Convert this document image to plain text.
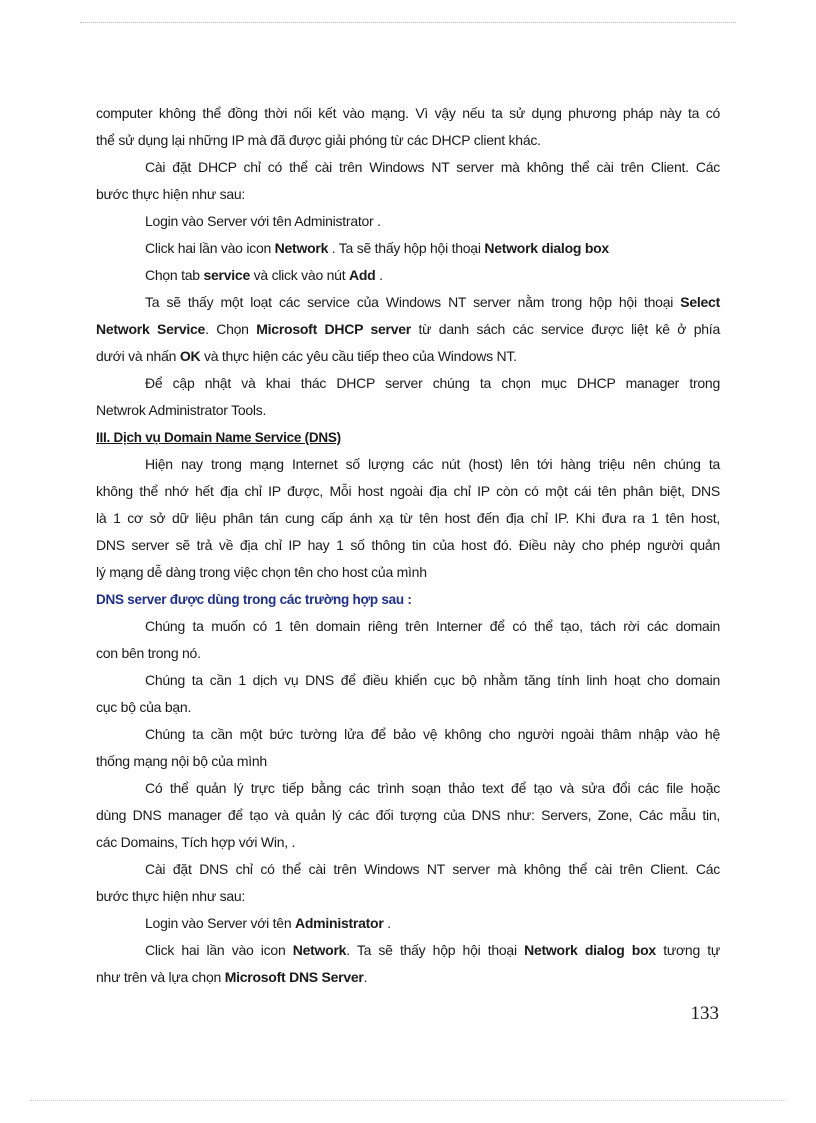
computer không thể đồng thời nối kết vào mạng. Vì vậy nếu ta sử dụng phương pháp này ta có
thể sử dụng lại những IP mà đã được giải phóng từ các DHCP client khác.
Cài đặt DHCP chỉ có thể cài trên Windows NT server mà không thể cài trên Client. Các
bước thực hiện như sau:
Login vào Server với tên Administrator .
Click hai lần vào icon Network . Ta sẽ thấy hộp hội thoại Network dialog box
Chọn tab service và click vào nút Add .
Ta sẽ thấy một loạt các service của Windows NT server nằm trong hộp hội thoại Select
Network Service. Chọn Microsoft DHCP server từ danh sách các service được liệt kê ở phía
dưới và nhấn OK và thực hiện các yêu cầu tiếp theo của Windows NT.
Để cập nhật và khai thác DHCP server chúng ta chọn mục DHCP manager trong
Netwrok Administrator Tools.
III. Dịch vụ Domain Name Service (DNS)
Hiện nay trong mạng Internet số lượng các nút (host) lên tới hàng triệu nên chúng ta
không thể nhớ hết địa chỉ IP được, Mỗi host ngoài địa chỉ IP còn có một cái tên phân biệt, DNS
là 1 cơ sở dữ liệu phân tán cung cấp ánh xạ từ tên host đến địa chỉ IP. Khi đưa ra 1 tên host,
DNS server sẽ trả về địa chỉ IP hay 1 số thông tin của host đó. Điều này cho phép người quản
lý mạng dễ dàng trong việc chọn tên cho host của mình
DNS server được dùng trong các trường hợp sau :
Chúng ta muốn có 1 tên domain riêng trên Interner để có thể tạo, tách rời các domain
con bên trong nó.
Chúng ta cần 1 dịch vụ DNS để điều khiển cục bộ nhằm tăng tính linh hoạt cho domain
cục bộ của bạn.
Chúng ta cần một bức tường lửa để bảo vệ không cho người ngoài thâm nhập vào hệ
thống mạng nội bộ của mình
Có thể quản lý trực tiếp bằng các trình soạn thảo text để tạo và sửa đổi các file hoặc
dùng DNS manager để tạo và quản lý các đối tượng của DNS như: Servers, Zone, Các mẫu tin,
các Domains, Tích hợp với Win, .
Cài đặt DNS chỉ có thể cài trên Windows NT server mà không thể cài trên Client. Các
bước thực hiện như sau:
Login vào Server với tên Administrator .
Click hai lần vào icon Network. Ta sẽ thấy hộp hội thoại Network dialog box tương tự
như trên và lựa chọn Microsoft DNS Server.
133
